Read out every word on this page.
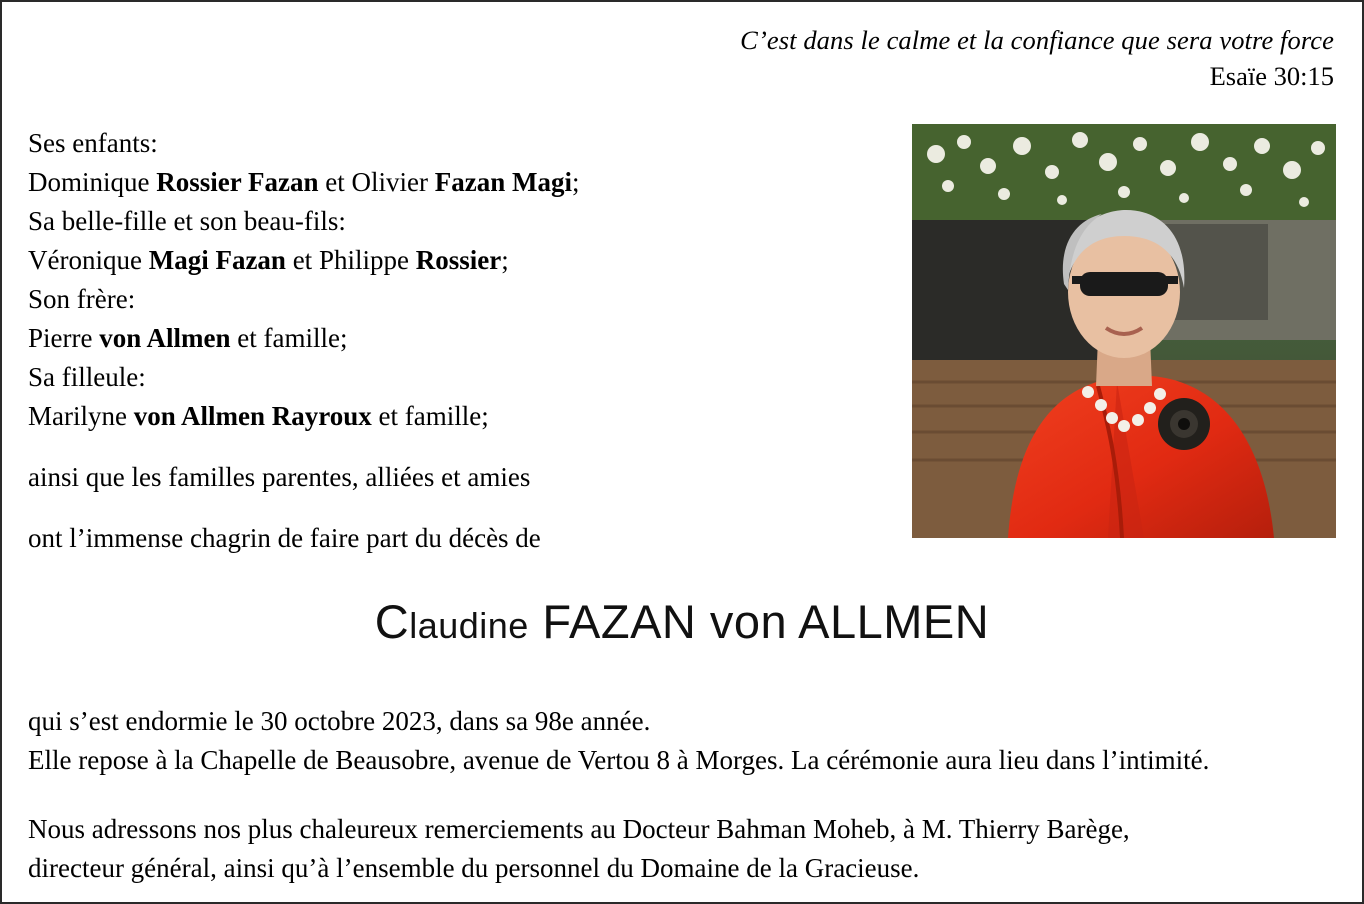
C’est dans le calme et la confiance que sera votre force
Esaïe 30:15
Ses enfants:
Dominique Rossier Fazan et Olivier Fazan Magi;
Sa belle-fille et son beau-fils:
Véronique Magi Fazan et Philippe Rossier;
Son frère:
Pierre von Allmen et famille;
Sa filleule:
Marilyne von Allmen Rayroux et famille;
ainsi que les familles parentes, alliées et amies
ont l’immense chagrin de faire part du décès de
Claudine FAZAN von ALLMEN
qui s’est endormie le 30 octobre 2023, dans sa 98e année.
Elle repose à la Chapelle de Beausobre, avenue de Vertou 8 à Morges. La cérémonie aura lieu dans l’intimité.
Nous adressons nos plus chaleureux remerciements au Docteur Bahman Moheb, à M. Thierry Barège,
directeur général, ainsi qu’à l’ensemble du personnel du Domaine de la Gracieuse.
